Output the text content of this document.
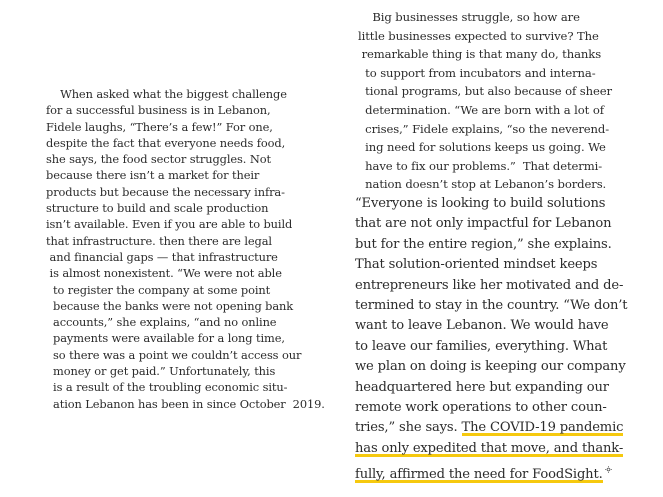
When asked what the biggest challenge
for a successful business is in Lebanon,
Fidele laughs, “There’s a few!” For one,
despite the fact that everyone needs food,
she says, the food sector struggles. Not
because there isn’t a market for their
products but because the necessary infra-
structure to build and scale production
isn’t available. Even if you are able to build
that infrastructure. then there are legal
and financial gaps — that infrastructure
is almost nonexistent. “We were not able
to register the company at some point
because the banks were not opening bank
accounts,” she explains, “and no online
payments were available for a long time,
so there was a point we couldn’t access our
money or get paid.” Unfortunately, this
is a result of the troubling economic situ-
ation Lebanon has been in since October  2019.
Big businesses struggle, so how are
little businesses expected to survive? The
remarkable thing is that many do, thanks
to support from incubators and interna-
tional programs, but also because of sheer
determination. “We are born with a lot of
crises,” Fidele explains, “so the neverend-
ing need for solutions keeps us going. We
have to fix our problems.”  That determi-
nation doesn’t stop at Lebanon’s borders.
“Everyone is looking to build solutions
that are not only impactful for Lebanon
but for the entire region,” she explains.
That solution-oriented mindset keeps
entrepreneurs like her motivated and de-
termined to stay in the country. “We don’t
want to leave Lebanon. We would have
to leave our families, everything. What
we plan on doing is keeping our company
headquartered here but expanding our
remote work operations to other coun-
tries,” she says. The COVID-19 pandemic
has only expedited that move, and thank-
fully, affirmed the need for FoodSight.
